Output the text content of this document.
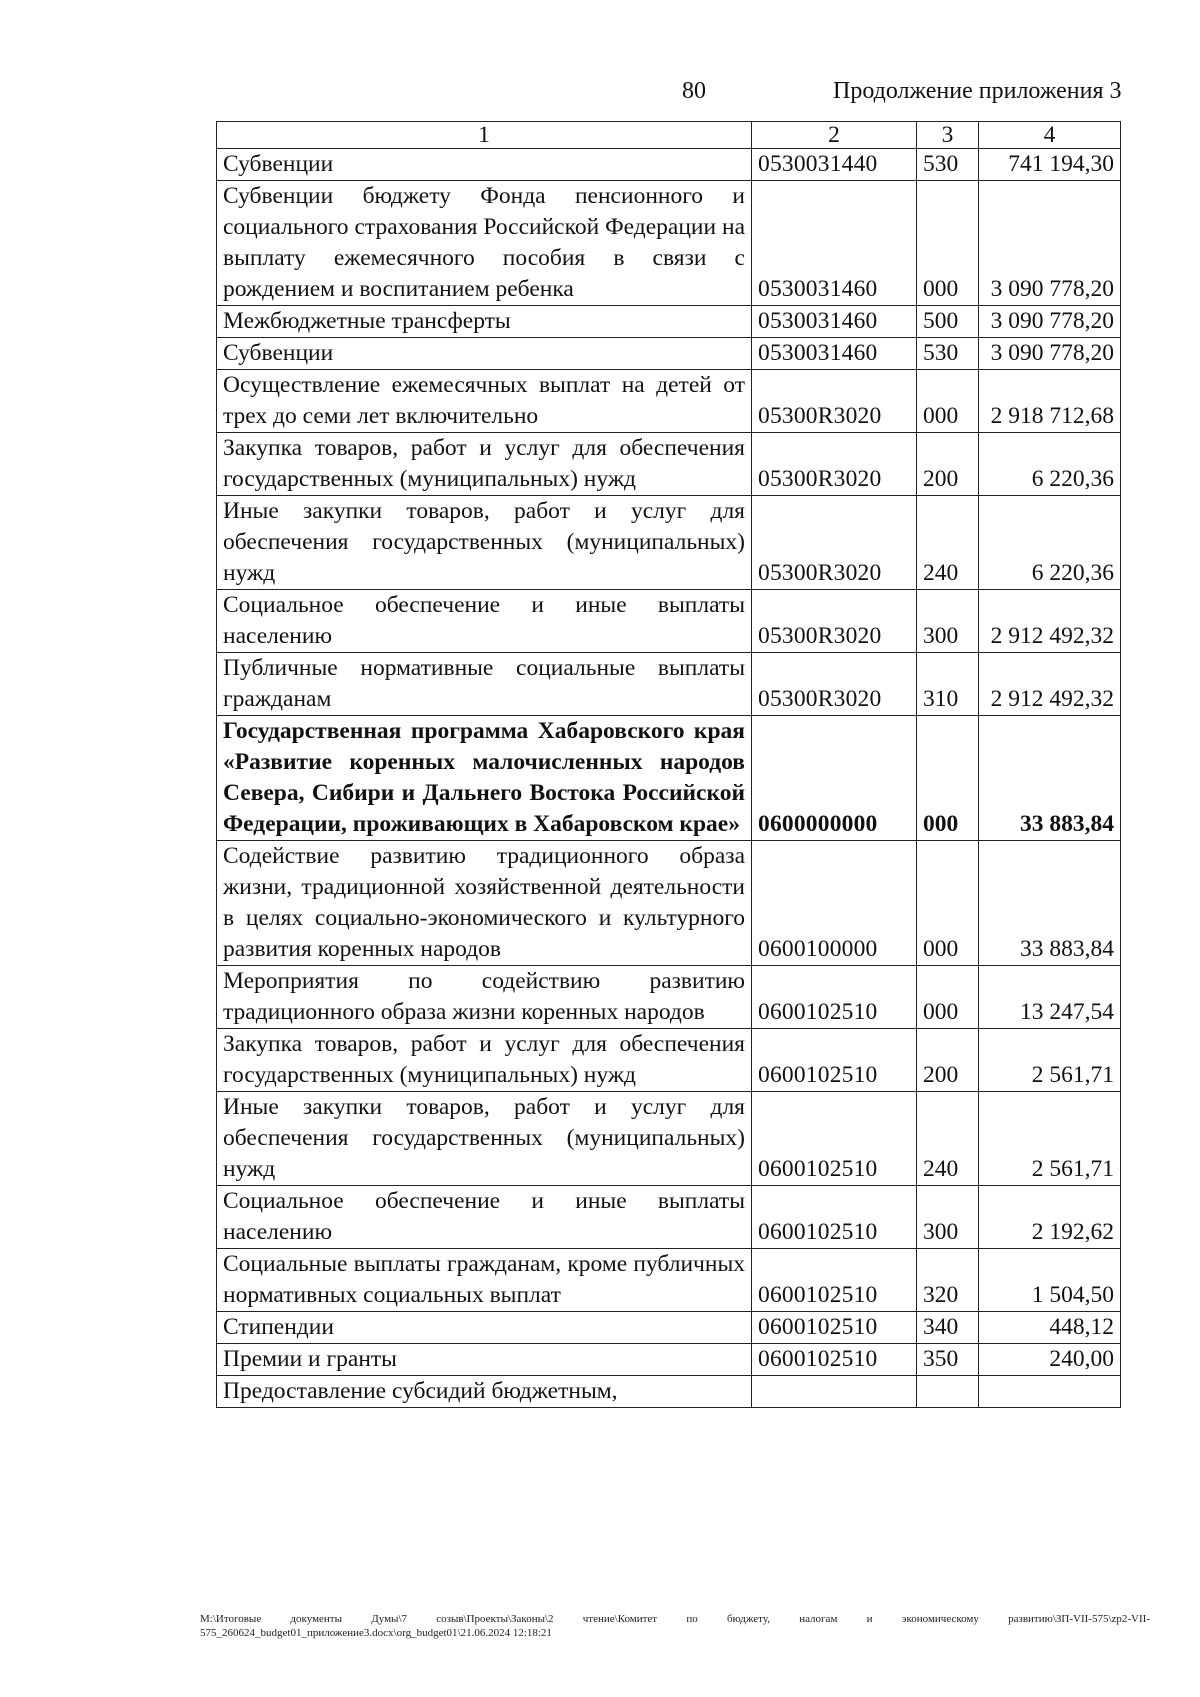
80	Продолжение приложения 3
1	2	3	4
Субвенции	0530031440	530	741 194,30
Субвенции бюджету Фонда пенсионного и социального страхования Российской Федерации на выплату ежемесячного пособия в связи с рождением и воспитанием ребенка	0530031460	000	3 090 778,20
Межбюджетные трансферты	0530031460	500	3 090 778,20
Субвенции	0530031460	530	3 090 778,20
Осуществление ежемесячных выплат на детей от трех до семи лет включительно	05300R3020	000	2 918 712,68
Закупка товаров, работ и услуг для обеспечения государственных (муниципальных) нужд	05300R3020	200	6 220,36
Иные закупки товаров, работ и услуг для обеспечения государственных (муниципальных) нужд	05300R3020	240	6 220,36
Социальное обеспечение и иные выплаты населению	05300R3020	300	2 912 492,32
Публичные нормативные социальные выплаты гражданам	05300R3020	310	2 912 492,32
Государственная программа Хабаровского края «Развитие коренных малочисленных народов Севера, Сибири и Дальнего Востока Российской Федерации, проживающих в Хабаровском крае»	0600000000	000	33 883,84
Содействие развитию традиционного образа жизни, традиционной хозяйственной деятельности в целях социально-экономического и культурного развития коренных народов	0600100000	000	33 883,84
Мероприятия по содействию развитию традиционного образа жизни коренных народов	0600102510	000	13 247,54
Закупка товаров, работ и услуг для обеспечения государственных (муниципальных) нужд	0600102510	200	2 561,71
Иные закупки товаров, работ и услуг для обеспечения государственных (муниципальных) нужд	0600102510	240	2 561,71
Социальное обеспечение и иные выплаты населению	0600102510	300	2 192,62
Социальные выплаты гражданам, кроме публичных нормативных социальных выплат	0600102510	320	1 504,50
Стипендии	0600102510	340	448,12
Премии и гранты	0600102510	350	240,00
Предоставление субсидий бюджетным,			
M:\Итоговые документы Думы\7 созыв\Проекты\Законы\2 чтение\Комитет по бюджету, налогам и экономическому развитию\ЗП-VII-575\zp2-VII-575_260624_budget01_приложение3.docx\org_budget01\21.06.2024 12:18:21
